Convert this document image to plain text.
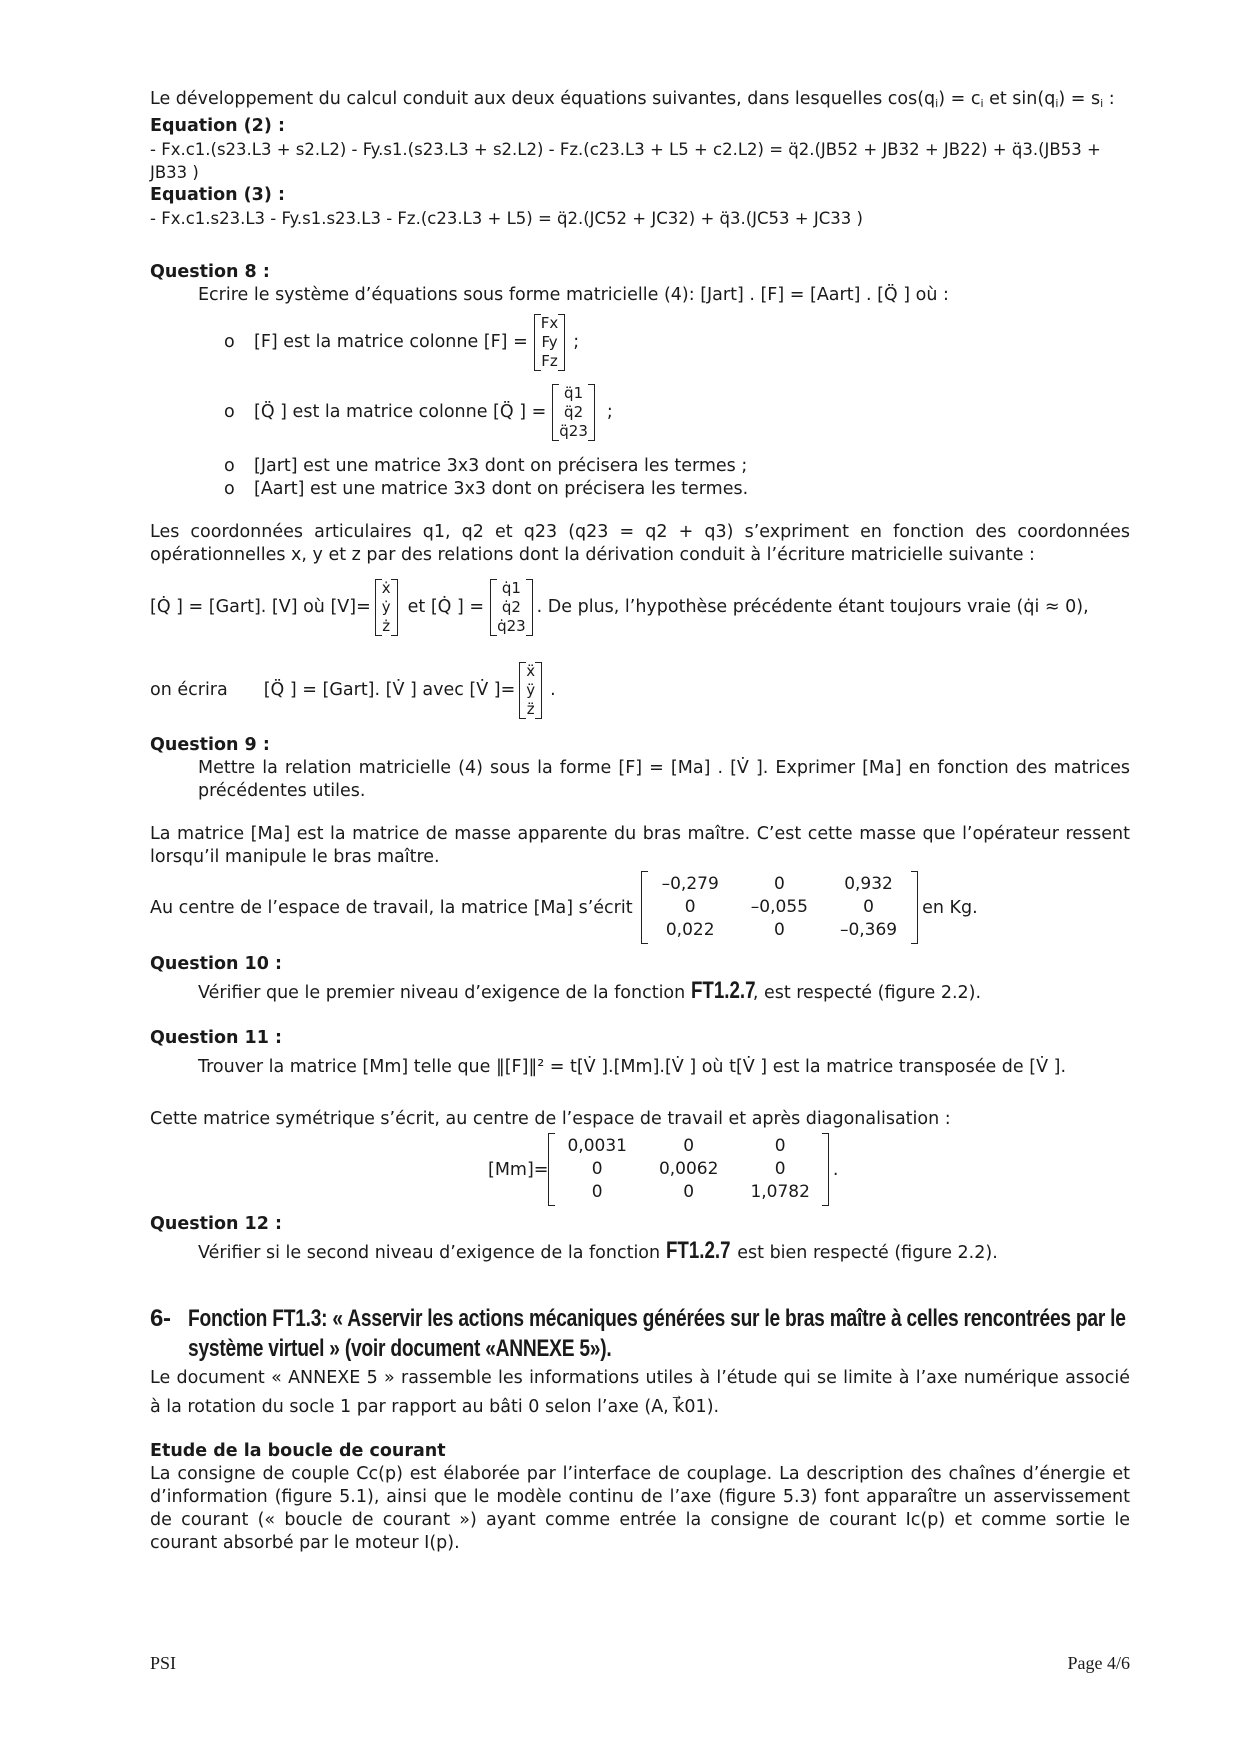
Le développement du calcul conduit aux deux équations suivantes, dans lesquelles $\cos(q_i) = c_i$ et $\sin(q_i) = s_i$ :

Equation (2) :

- Fx.c1.(s23.L3 + s2.L2) - Fy.s1.(s23.L3 + s2.L2) - Fz.(c23.L3 + L5 + c2.L2) = q̈2.(JB52 + JB32 + JB22) + q̈3.(JB53 + JB33 )

Equation (3) :

- Fx.c1.s23.L3 - Fy.s1.s23.L3 - Fz.(c23.L3 + L5) = q̈2.(JC52 + JC32) + q̈3.(JC53 + JC33 )

Question 8 :

Ecrire le système d’équations sous forme matricielle (4): [Jart] . [F] = [Aart] . [Q̈ ] où :

o	[F] est la matrice colonne [F] =
Fx
Fy
Fz
;
o	[Q̈ ] est la matrice colonne [Q̈ ] =
q̈1
q̈2
q̈23
;
o [Jart] est une matrice 3x3 dont on précisera les termes ;
o [Aart] est une matrice 3x3 dont on précisera les termes.

Les coordonnées articulaires q1, q2 et q23 (q23 = q2 + q3) s’expriment en fonction des coordonnées opérationnelles x, y et z par des relations dont la dérivation conduit à l’écriture matricielle suivante :

[Q̇ ] = [Gart]. [V] où [V]=
ẋ
ẏ
ż
et [Q̇ ] =
q̇1
q̇2
q̇23
. De plus, l’hypothèse précédente étant toujours vraie (q̇i ≈ 0),
on écrira [Q̈ ] = [Gart]. [V̇ ] avec [V̇ ]=
ẍ
ÿ
z̈
.

Question 9 :

Mettre la relation matricielle (4) sous la forme [F] = [Ma] . [V̇ ]. Exprimer [Ma] en fonction des matrices précédentes utiles.

La matrice [Ma] est la matrice de masse apparente du bras maître. C’est cette masse que l’opérateur ressent lorsqu’il manipule le bras maître.

Au centre de l’espace de travail, la matrice [Ma] s’écrit
–0,279	0	0,932
0	–0,055	0
0,022	0	–0,369
en Kg.

Question 10 :

Vérifier que le premier niveau d’exigence de la fonction FT1.2.7, est respecté (figure 2.2).

Question 11 :

Trouver la matrice [Mm] telle que ‖[F]‖² = t[V̇ ].[Mm].[V̇ ] où t[V̇ ] est la matrice transposée de [V̇ ].

Cette matrice symétrique s’écrit, au centre de l’espace de travail et après diagonalisation :

[Mm]=
0,0031	0	0
0	0,0062	0
0	0	1,0782
.

Question 12 :

Vérifier si le second niveau d’exigence de la fonction FT1.2.7 est bien respecté (figure 2.2).

6- Fonction FT1.3: « Asservir les actions mécaniques générées sur le bras maître à celles rencontrées par le système virtuel » (voir document «ANNEXE 5»).

Le document « ANNEXE 5 » rassemble les informations utiles à l’étude qui se limite à l’axe numérique associé à la rotation du socle 1 par rapport au bâti 0 selon l’axe (A, k⃗01).

Etude de la boucle de courant

La consigne de couple Cc(p) est élaborée par l’interface de couplage. La description des chaînes d’énergie et d’information (figure 5.1), ainsi que le modèle continu de l’axe (figure 5.3) font apparaître un asservissement de courant (« boucle de courant ») ayant comme entrée la consigne de courant Ic(p) et comme sortie le courant absorbé par le moteur I(p).

PSI	Page 4/6
